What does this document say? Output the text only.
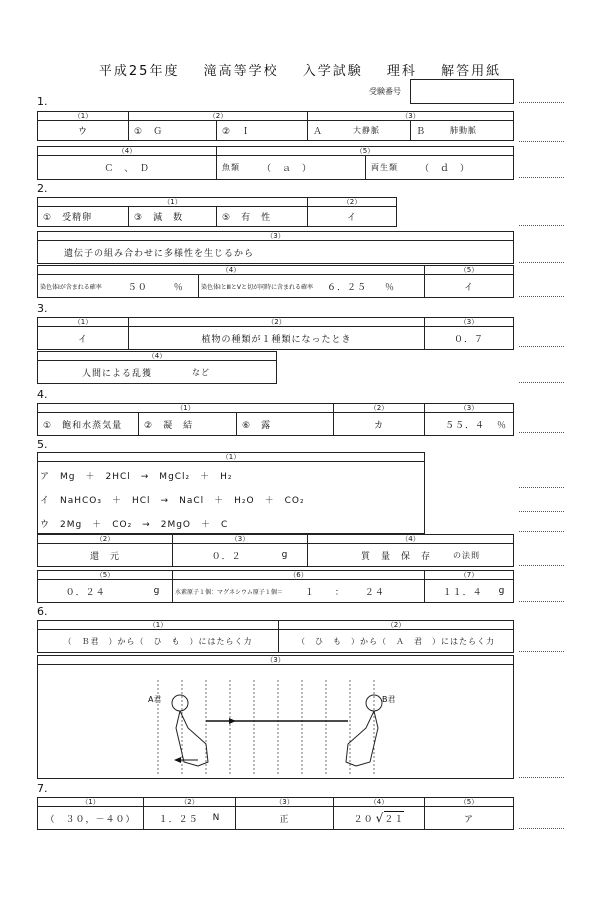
平成25年度 滝高等学校 入学試験 理科 解答用紙
受験番号
1.
（1）	（2）	（3）
ウ	①　Ｇ	②　Ｉ	Ａ	大静脈	Ｂ	肺動脈
（4）	（5）
Ｃ　、　Ｄ	魚類 （　ａ　）	両生類 （　ｄ　）
2.
（1）	（2）
①　受精卵	③　減　数	⑤　有　性	イ
（3）
遺伝子の組み合わせに多様性を生じるから
（4）	（5）
染色体Ⅰが含まれる確率	５０	％	染色体ⅠとⅢとⅤと切が同時に含まれる確率 ６．２５ ％	イ
3.
（1）	（2）	（3）
イ	植物の種類が１種類になったとき	０．７
（4）
人間による乱獲	など
4.
（1）	（2）	（3）
①　飽和水蒸気量	②　凝　結	⑥　露	カ	５５．４ ％
5.
（1）
ア　Mg　＋　2HCl　→　MgCl₂　＋　H₂
イ　NaHCO₃　＋　HCl　→　NaCl　＋　H₂O　＋　CO₂
ウ　2Mg　＋　CO₂　→　2MgO　＋　C
（2）	（3）	（4）
還　元	０．２	g	質　量　保　存	の法則
（5）	（6）	（7）
０．２４	g 水素原子１個：マグネシウム原子１個＝ １ ： ２４	１１．４ g
6.
（1）	（2）
（　Ｂ君　）から（　ひ　も　）にはたらく力	（　ひ　も　）から（　Ａ　君　）にはたらく力
（3）
A君	B君
7.
（1）	（2）	（3）	（4）	（5）
（　３０，－４０）	１．２５ N	正	２０ √ ２１	ア
